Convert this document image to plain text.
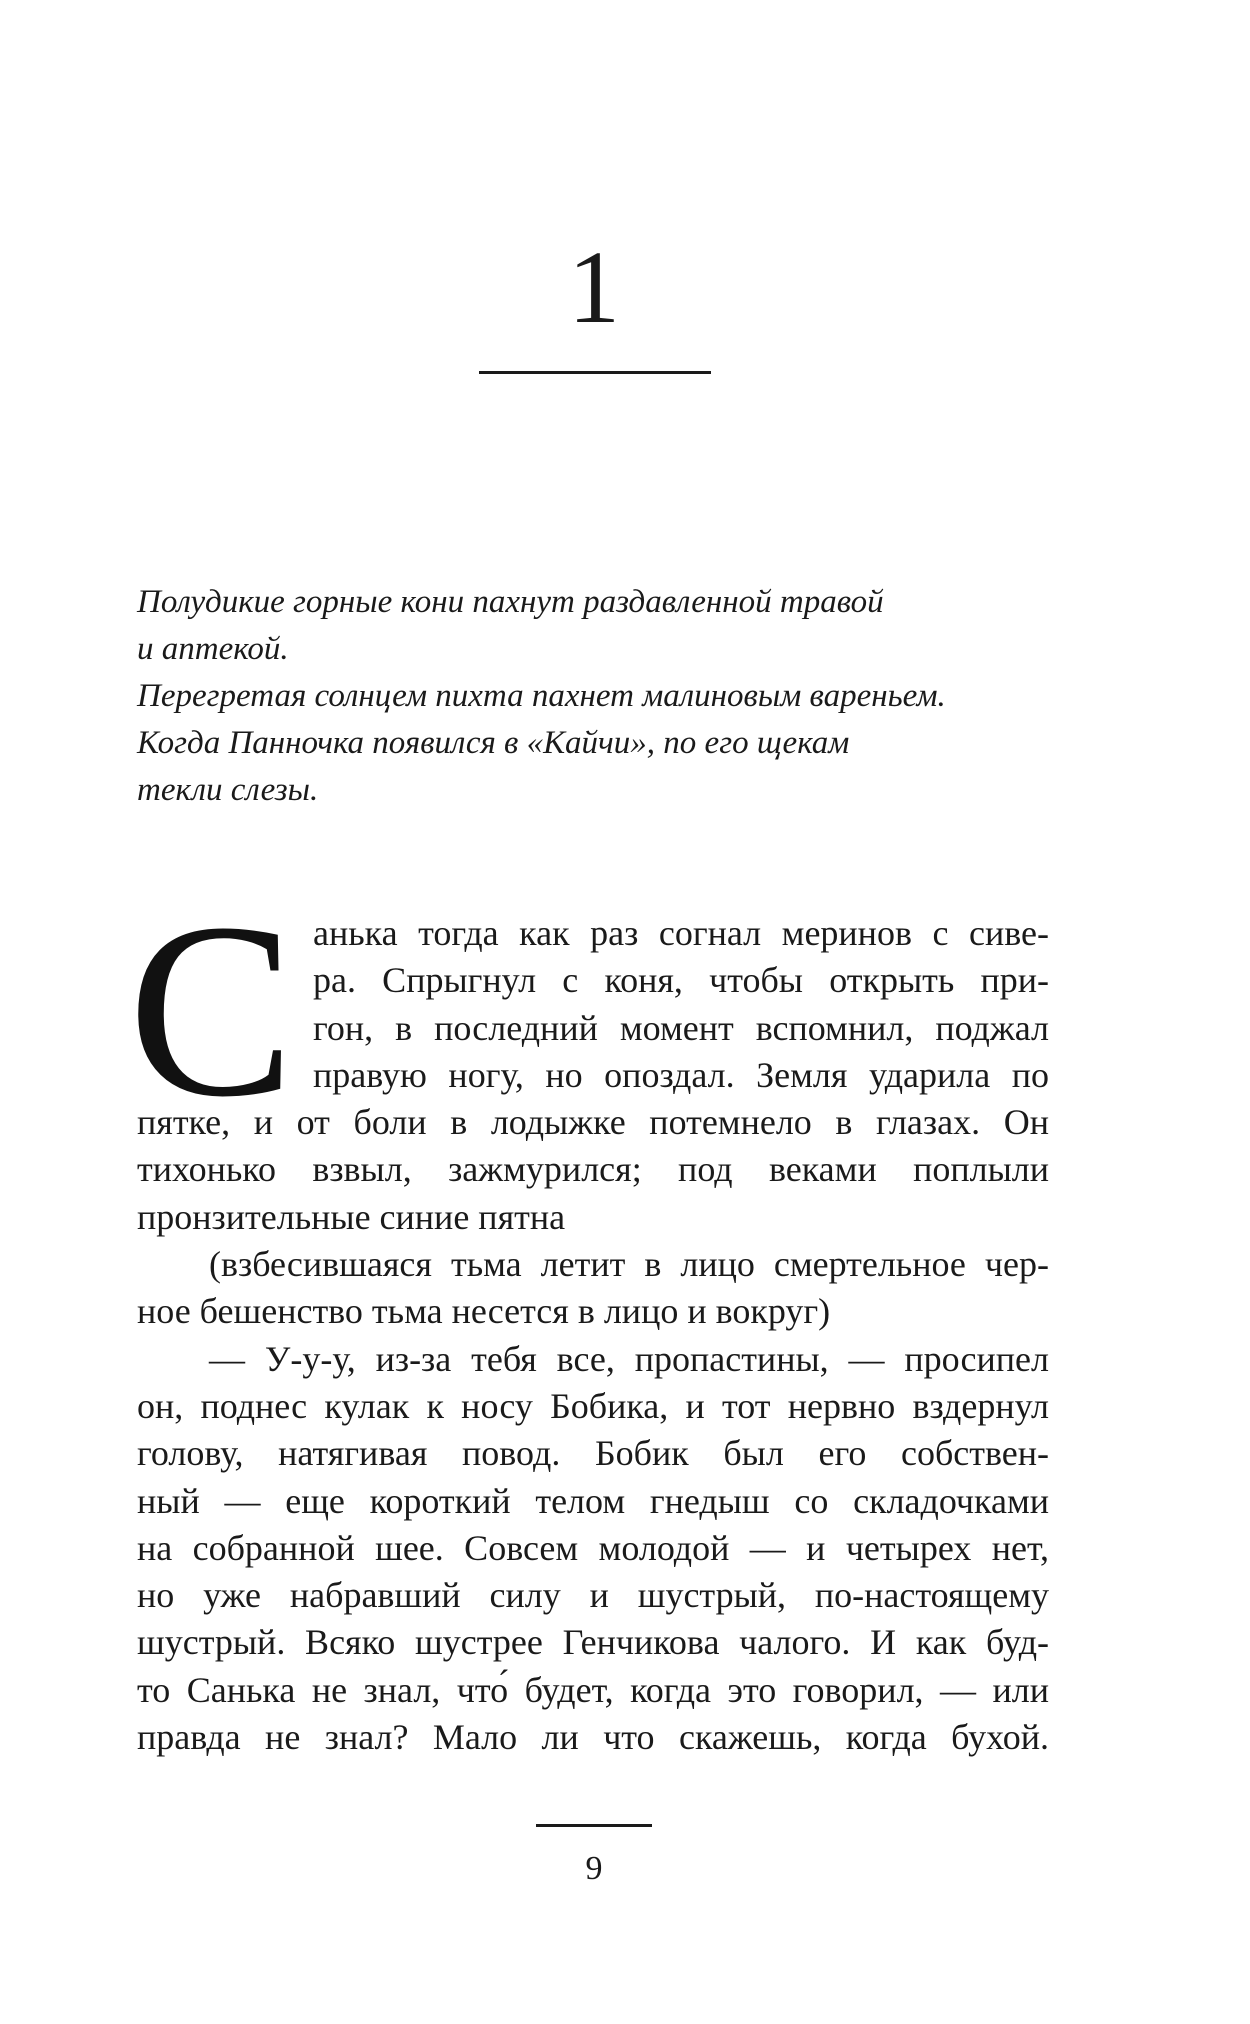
1
Полудикие горные кони пахнут раздавленной травой
и аптекой.
Перегретая солнцем пихта пахнет малиновым вареньем.
Когда Панночка появился в «Кайчи», по его щекам
текли слезы.
С анька тогда как раз согнал меринов с сиве-
ра. Спрыгнул с коня, чтобы открыть при-
гон, в последний момент вспомнил, поджал
правую ногу, но опоздал. Земля ударила по
пятке, и от боли в лодыжке потемнело в глазах. Он
тихонько взвыл, зажмурился; под веками поплыли
пронзительные синие пятна
(взбесившаяся тьма летит в лицо смертельное чер-
ное бешенство тьма несется в лицо и вокруг)
— У-у-у, из-за тебя все, пропастины, — просипел
он, поднес кулак к носу Бобика, и тот нервно вздернул
голову, натягивая повод. Бобик был его собствен-
ный — еще короткий телом гнедыш со складочками
на собранной шее. Совсем молодой — и четырех нет,
но уже набравший силу и шустрый, по-настоящему
шустрый. Всяко шустрее Генчикова чалого. И как буд-
то Санька не знал, что́ будет, когда это говорил, — или
правда не знал? Мало ли что скажешь, когда бухой.
9
